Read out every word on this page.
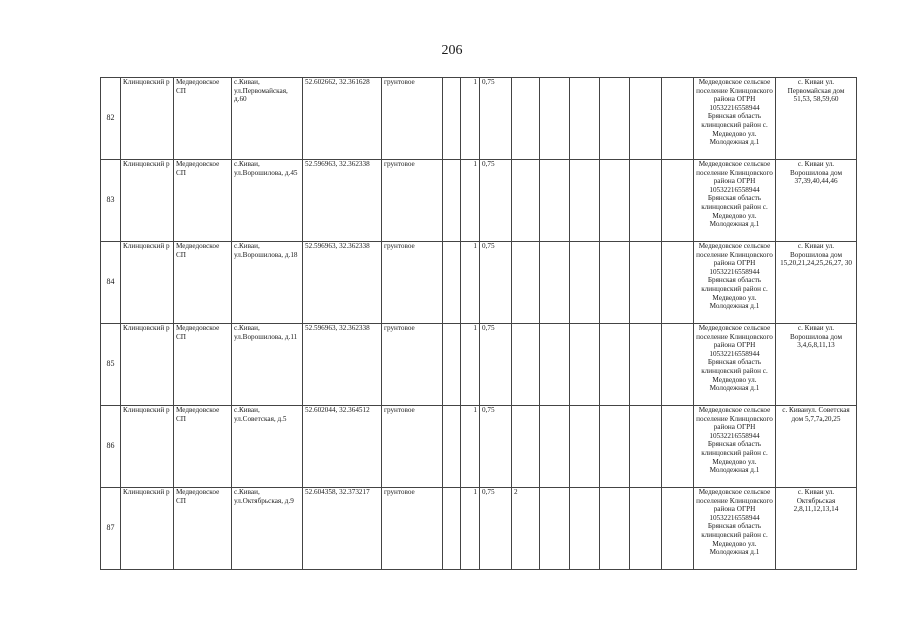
206
82	Клинцовский р	Медведовское СП	с.Киваи, ул.Первомайская, д.60	52.602662, 32.361628	грунтовое		1	0,75							Медведовское сельское поселение Клинцовского района ОГРН 10532216558944 Брянская область клинцовский район с. Медведово ул. Молодежная д.1	с. Киваи ул. Первомайская дом 51,53, 58,59,60

83	Клинцовский р	Медведовское СП	с.Киваи, ул.Ворошилова, д.45	52.596963, 32.362338	грунтовое		1	0,75							Медведовское сельское поселение Клинцовского района ОГРН 10532216558944 Брянская область клинцовский район с. Медведово ул. Молодежная д.1	с. Киваи ул. Ворошилова дом 37,39,40,44,46

84	Клинцовский р	Медведовское СП	с.Киваи, ул.Ворошилова, д.18	52.596963, 32.362338	грунтовое		1	0,75							Медведовское сельское поселение Клинцовского района ОГРН 10532216558944 Брянская область клинцовский район с. Медведово ул. Молодежная д.1	с. Киваи ул. Ворошилова дом 15,20,21,24,25,26,27, 30

85	Клинцовский р	Медведовское СП	с.Киваи, ул.Ворошилова, д.11	52.596963, 32.362338	грунтовое		1	0,75							Медведовское сельское поселение Клинцовского района ОГРН 10532216558944 Брянская область клинцовский район с. Медведово ул. Молодежная д.1	с. Киваи ул. Ворошилова дом 3,4,6,8,11,13

86	Клинцовский р	Медведовское СП	с.Киваи, ул.Советская, д.5	52.602044, 32.364512	грунтовое		1	0,75							Медведовское сельское поселение Клинцовского района ОГРН 10532216558944 Брянская область клинцовский район с. Медведово ул. Молодежная д.1	с. Киваиул. Советская дом 5,7,7а,20,25

87	Клинцовский р	Медведовское СП	с.Киваи, ул.Октябрьская, д.9	52.604358, 32.373217	грунтовое		1	0,75	2						Медведовское сельское поселение Клинцовского района ОГРН 10532216558944 Брянская область клинцовский район с. Медведово ул. Молодежная д.1	с. Киваи ул. Октябрьская 2,8,11,12,13,14
